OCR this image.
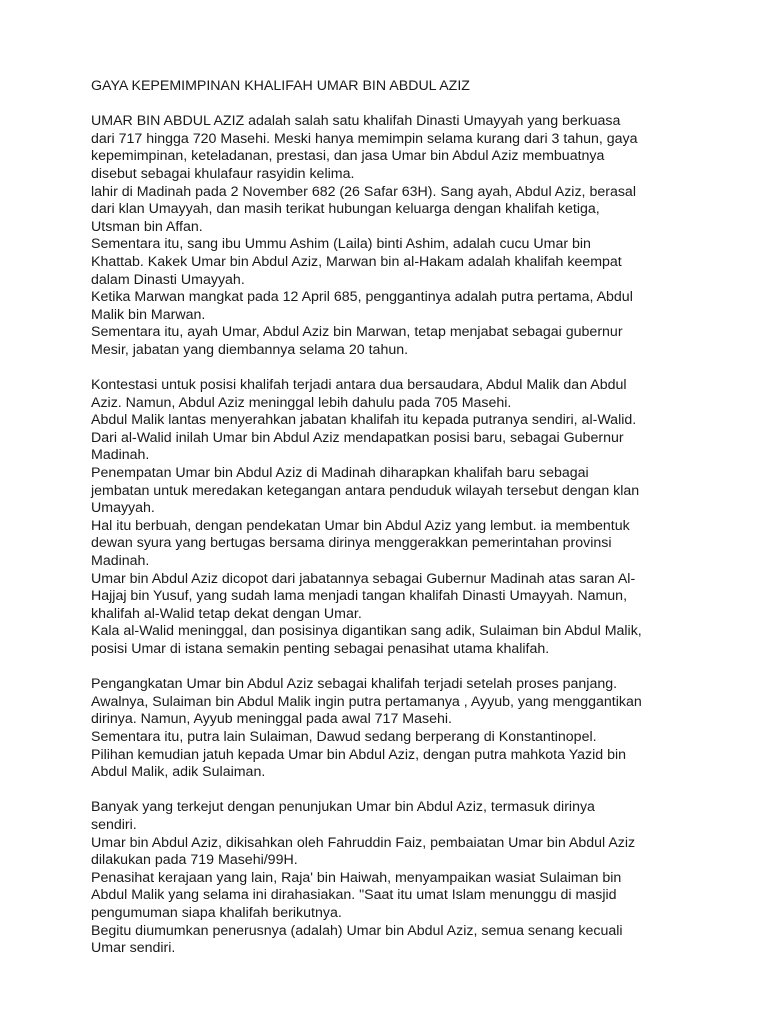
GAYA KEPEMIMPINAN KHALIFAH UMAR BIN ABDUL AZIZ
UMAR BIN ABDUL AZIZ adalah salah satu khalifah Dinasti Umayyah yang berkuasa
dari 717 hingga 720 Masehi. Meski hanya memimpin selama kurang dari 3 tahun, gaya
kepemimpinan, keteladanan, prestasi, dan jasa Umar bin Abdul Aziz membuatnya
disebut sebagai khulafaur rasyidin kelima.
lahir di Madinah pada 2 November 682 (26 Safar 63H). Sang ayah, Abdul Aziz, berasal
dari klan Umayyah, dan masih terikat hubungan keluarga dengan khalifah ketiga,
Utsman bin Affan.
Sementara itu, sang ibu Ummu Ashim (Laila) binti Ashim, adalah cucu Umar bin
Khattab. Kakek Umar bin Abdul Aziz, Marwan bin al-Hakam adalah khalifah keempat
dalam Dinasti Umayyah.
Ketika Marwan mangkat pada 12 April 685, penggantinya adalah putra pertama, Abdul
Malik bin Marwan.
Sementara itu, ayah Umar, Abdul Aziz bin Marwan, tetap menjabat sebagai gubernur
Mesir, jabatan yang diembannya selama 20 tahun.
Kontestasi untuk posisi khalifah terjadi antara dua bersaudara, Abdul Malik dan Abdul
Aziz. Namun, Abdul Aziz meninggal lebih dahulu pada 705 Masehi.
Abdul Malik lantas menyerahkan jabatan khalifah itu kepada putranya sendiri, al-Walid.
Dari al-Walid inilah Umar bin Abdul Aziz mendapatkan posisi baru, sebagai Gubernur
Madinah.
Penempatan Umar bin Abdul Aziz di Madinah diharapkan khalifah baru sebagai
jembatan untuk meredakan ketegangan antara penduduk wilayah tersebut dengan klan
Umayyah.
Hal itu berbuah, dengan pendekatan Umar bin Abdul Aziz yang lembut. ia membentuk
dewan syura yang bertugas bersama dirinya menggerakkan pemerintahan provinsi
Madinah.
Umar bin Abdul Aziz dicopot dari jabatannya sebagai Gubernur Madinah atas saran Al-
Hajjaj bin Yusuf, yang sudah lama menjadi tangan khalifah Dinasti Umayyah. Namun,
khalifah al-Walid tetap dekat dengan Umar.
Kala al-Walid meninggal, dan posisinya digantikan sang adik, Sulaiman bin Abdul Malik,
posisi Umar di istana semakin penting sebagai penasihat utama khalifah.
Pengangkatan Umar bin Abdul Aziz sebagai khalifah terjadi setelah proses panjang.
Awalnya, Sulaiman bin Abdul Malik ingin putra pertamanya , Ayyub, yang menggantikan
dirinya. Namun, Ayyub meninggal pada awal 717 Masehi.
Sementara itu, putra lain Sulaiman, Dawud sedang berperang di Konstantinopel.
Pilihan kemudian jatuh kepada Umar bin Abdul Aziz, dengan putra mahkota Yazid bin
Abdul Malik, adik Sulaiman.
Banyak yang terkejut dengan penunjukan Umar bin Abdul Aziz, termasuk dirinya
sendiri.
Umar bin Abdul Aziz, dikisahkan oleh Fahruddin Faiz, pembaiatan Umar bin Abdul Aziz
dilakukan pada 719 Masehi/99H.
Penasihat kerajaan yang lain, Raja' bin Haiwah, menyampaikan wasiat Sulaiman bin
Abdul Malik yang selama ini dirahasiakan. "Saat itu umat Islam menunggu di masjid
pengumuman siapa khalifah berikutnya.
Begitu diumumkan penerusnya (adalah) Umar bin Abdul Aziz, semua senang kecuali
Umar sendiri.
